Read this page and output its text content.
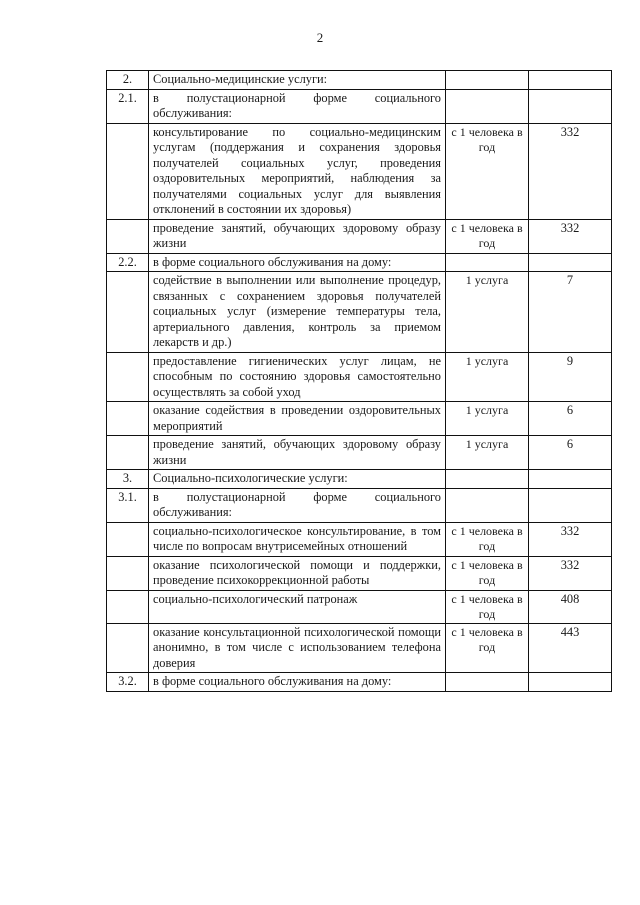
2
2.	Социально-медицинские услуги:		
2.1.	в полустационарной форме социального обслуживания:		
	консультирование по социально-медицинским услугам (поддержания и сохранения здоровья получателей социальных услуг, проведения оздоровительных мероприятий, наблюдения за получателями социальных услуг для выявления отклонений в состоянии их здоровья)	с 1 человека в год	332
	проведение занятий, обучающих здоровому образу жизни	с 1 человека в год	332
2.2.	в форме социального обслуживания на дому:		
	содействие в выполнении или выполнение процедур, связанных с сохранением здоровья получателей социальных услуг (измерение температуры тела, артериального давления, контроль за приемом лекарств и др.)	1 услуга	7
	предоставление гигиенических услуг лицам, не способным по состоянию здоровья самостоятельно осуществлять за собой уход	1 услуга	9
	оказание содействия в проведении оздоровительных мероприятий	1 услуга	6
	проведение занятий, обучающих здоровому образу жизни	1 услуга	6
3.	Социально-психологические услуги:		
3.1.	в полустационарной форме социального обслуживания:		
	социально-психологическое консультирование, в том числе по вопросам внутрисемейных отношений	с 1 человека в год	332
	оказание психологической помощи и поддержки, проведение психокоррекционной работы	с 1 человека в год	332
	социально-психологический патронаж	с 1 человека в год	408
	оказание консультационной психологической помощи анонимно, в том числе с использованием телефона доверия	с 1 человека в год	443
3.2.	в форме социального обслуживания на дому:		
